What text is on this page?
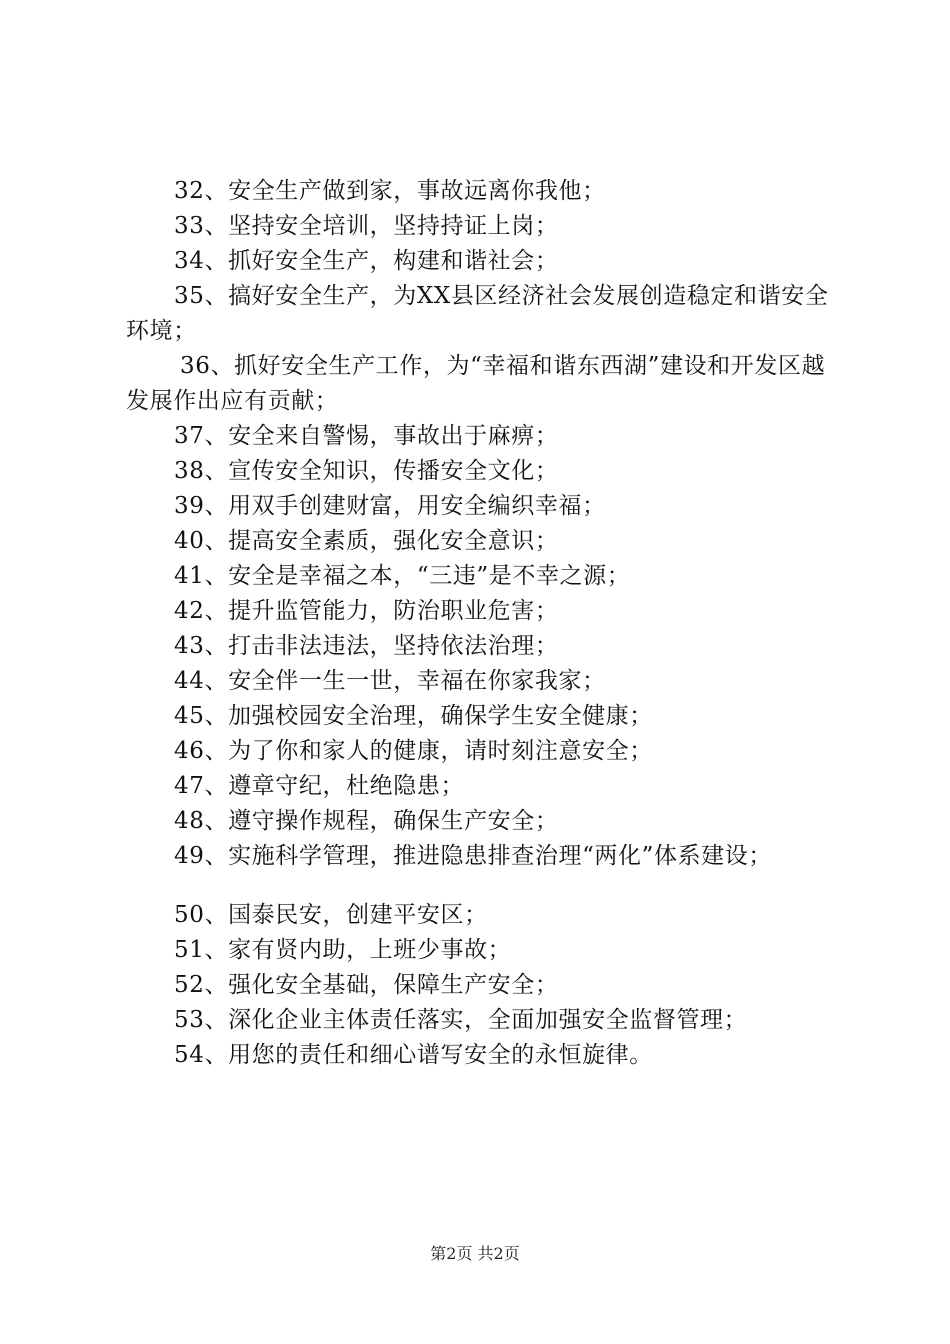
32、安全生产做到家，事故远离你我他；
33、坚持安全培训，坚持持证上岗；
34、抓好安全生产，构建和谐社会；
35、搞好安全生产，为XX县区经济社会发展创造稳定和谐安全环境；
36、抓好安全生产工作，为“幸福和谐东西湖”建设和开发区越发展作出应有贡献；
37、安全来自警惕，事故出于麻痹；
38、宣传安全知识，传播安全文化；
39、用双手创建财富，用安全编织幸福；
40、提高安全素质，强化安全意识；
41、安全是幸福之本，“三违”是不幸之源；
42、提升监管能力，防治职业危害；
43、打击非法违法，坚持依法治理；
44、安全伴一生一世，幸福在你家我家；
45、加强校园安全治理，确保学生安全健康；
46、为了你和家人的健康，请时刻注意安全；
47、遵章守纪，杜绝隐患；
48、遵守操作规程，确保生产安全；
49、实施科学管理，推进隐患排查治理“两化”体系建设；
50、国泰民安，创建平安区；
51、家有贤内助，上班少事故；
52、强化安全基础，保障生产安全；
53、深化企业主体责任落实，全面加强安全监督管理；
54、用您的责任和细心谱写安全的永恒旋律。
第2页 共2页
